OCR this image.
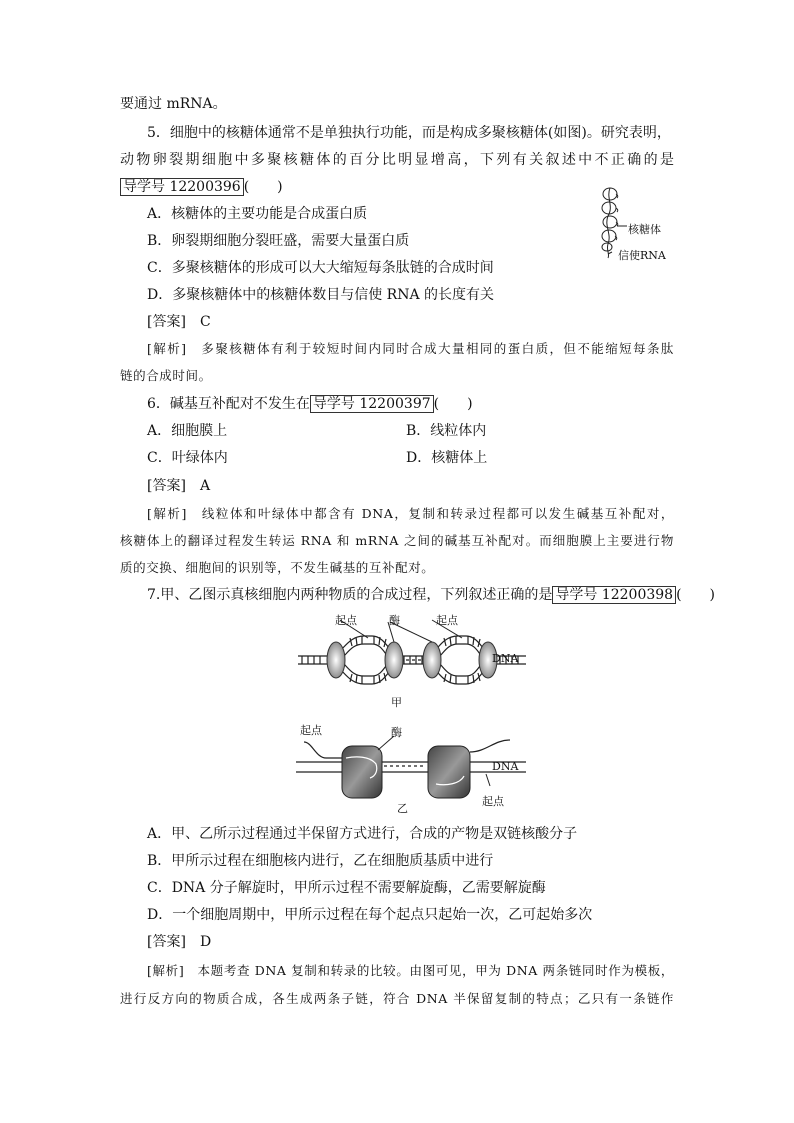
要通过 mRNA。
5．细胞中的核糖体通常不是单独执行功能，而是构成多聚核糖体(如图)。研究表明，
动物卵裂期细胞中多聚核糖体的百分比明显增高，下列有关叙述中不正确的是
导学号 12200396 (　　)
A．核糖体的主要功能是合成蛋白质
B．卵裂期细胞分裂旺盛，需要大量蛋白质
C．多聚核糖体的形成可以大大缩短每条肽链的合成时间
D．多聚核糖体中的核糖体数目与信使 RNA 的长度有关
核糖体
信使RNA
[答案]　 C
[解析]　 多聚核糖体有利于较短时间内同时合成大量相同的蛋白质，但不能缩短每条肽
链的合成时间。
6．碱基互补配对不发生在 导学号 12200397 (　　)
A．细胞膜上	B．线粒体内
C．叶绿体内	D．核糖体上
[答案]　 A
[解析]　 线粒体和叶绿体中都含有 DNA，复制和转录过程都可以发生碱基互补配对，
核糖体上的翻译过程发生转运 RNA 和 mRNA 之间的碱基互补配对。而细胞膜上主要进行物
质的交换、细胞间的识别等，不发生碱基的互补配对。
7.甲、乙图示真核细胞内两种物质的合成过程，下列叙述正确的是 导学号 12200398 (　　)
起点	酶	起点
DNA
甲
起点	酶
DNA
起点
乙
A．甲、乙所示过程通过半保留方式进行，合成的产物是双链核酸分子
B．甲所示过程在细胞核内进行，乙在细胞质基质中进行
C．DNA 分子解旋时，甲所示过程不需要解旋酶，乙需要解旋酶
D．一个细胞周期中，甲所示过程在每个起点只起始一次，乙可起始多次
[答案]　 D
[解析]　 本题考查 DNA 复制和转录的比较。由图可见，甲为 DNA 两条链同时作为模板，
进行反方向的物质合成，各生成两条子链，符合 DNA 半保留复制的特点；乙只有一条链作
